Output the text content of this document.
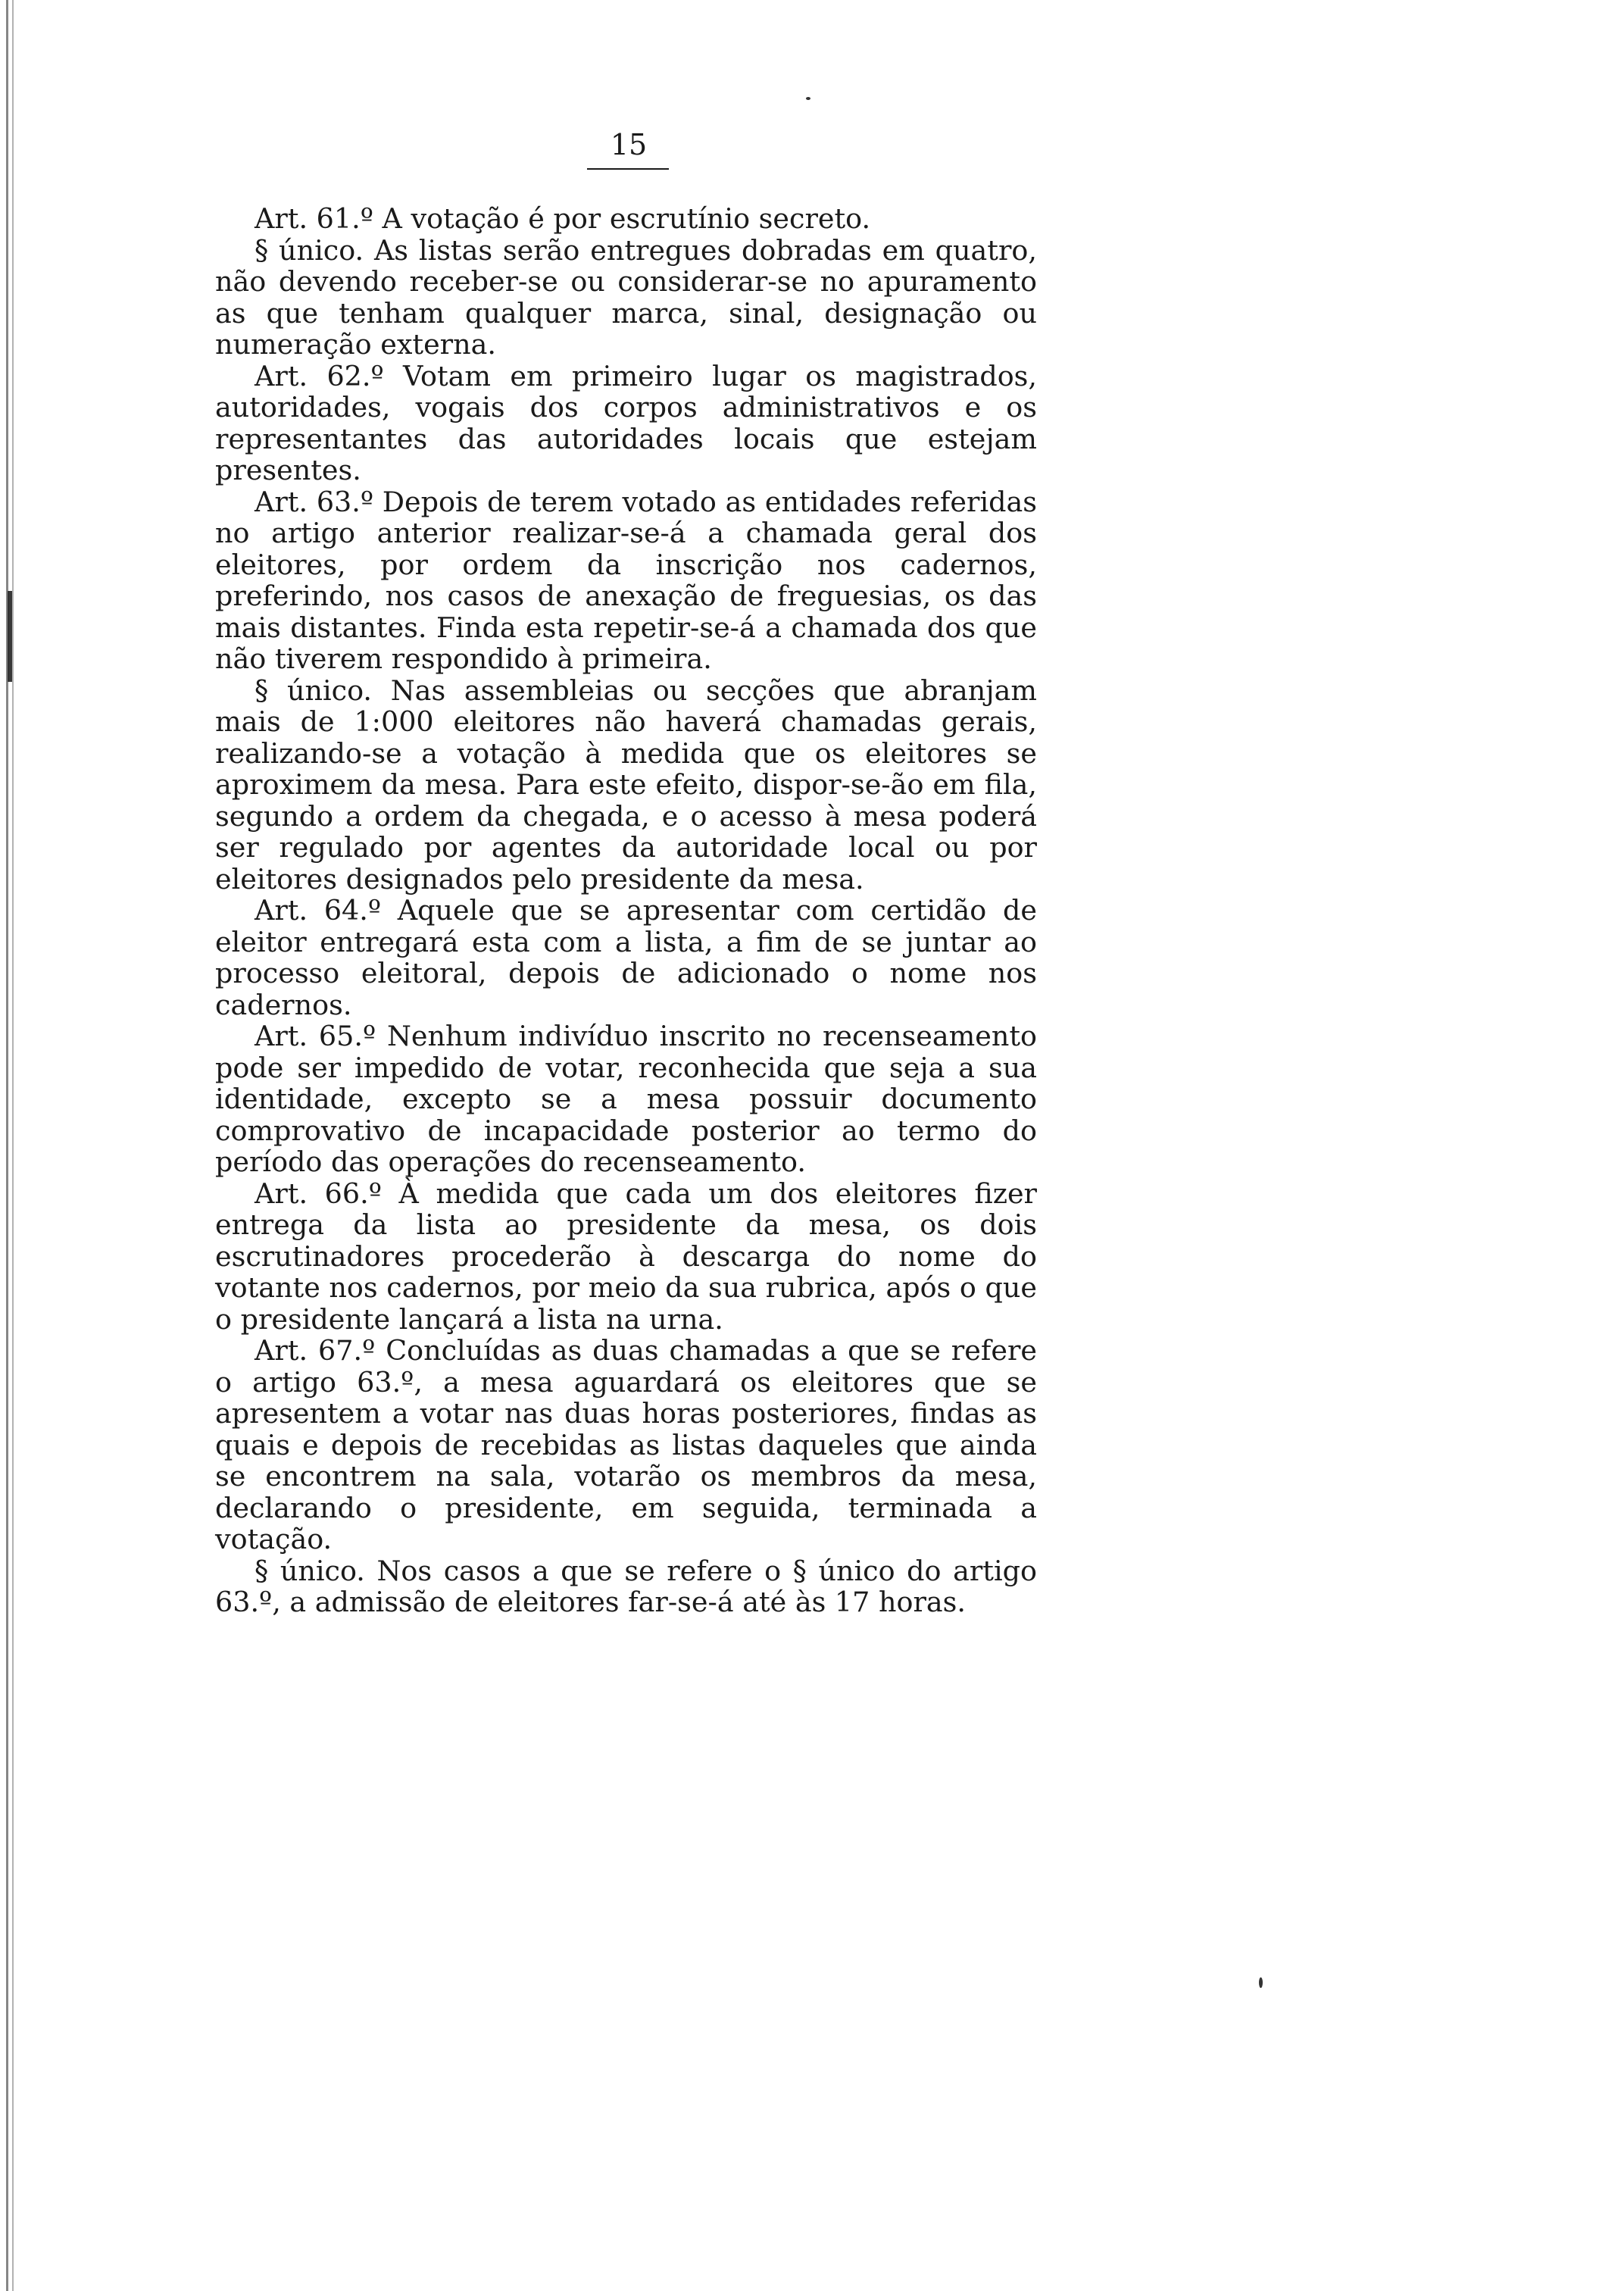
15

Art. 61.º A votação é por escrutínio secreto.

§ único. As listas serão entregues dobradas em quatro, não devendo receber-se ou considerar-se no apuramento as que tenham qualquer marca, sinal, designação ou numeração externa.

Art. 62.º Votam em primeiro lugar os magistrados, autoridades, vogais dos corpos administrativos e os representantes das autoridades locais que estejam presentes.

Art. 63.º Depois de terem votado as entidades referidas no artigo anterior realizar-se-á a chamada geral dos eleitores, por ordem da inscrição nos cadernos, preferindo, nos casos de anexação de freguesias, os das mais distantes. Finda esta repetir-se-á a chamada dos que não tiverem respondido à primeira.

§ único. Nas assembleias ou secções que abranjam mais de 1:000 eleitores não haverá chamadas gerais, realizando-se a votação à medida que os eleitores se aproximem da mesa. Para este efeito, dispor-se-ão em fila, segundo a ordem da chegada, e o acesso à mesa poderá ser regulado por agentes da autoridade local ou por eleitores designados pelo presidente da mesa.

Art. 64.º Aquele que se apresentar com certidão de eleitor entregará esta com a lista, a fim de se juntar ao processo eleitoral, depois de adicionado o nome nos cadernos.

Art. 65.º Nenhum indivíduo inscrito no recenseamento pode ser impedido de votar, reconhecida que seja a sua identidade, excepto se a mesa possuir documento comprovativo de incapacidade posterior ao termo do período das operações do recenseamento.

Art. 66.º À medida que cada um dos eleitores fizer entrega da lista ao presidente da mesa, os dois escrutinadores procederão à descarga do nome do votante nos cadernos, por meio da sua rubrica, após o que o presidente lançará a lista na urna.

Art. 67.º Concluídas as duas chamadas a que se refere o artigo 63.º, a mesa aguardará os eleitores que se apresentem a votar nas duas horas posteriores, findas as quais e depois de recebidas as listas daqueles que ainda se encontrem na sala, votarão os membros da mesa, declarando o presidente, em seguida, terminada a votação.

§ único. Nos casos a que se refere o § único do artigo 63.º, a admissão de eleitores far-se-á até às 17 horas.
